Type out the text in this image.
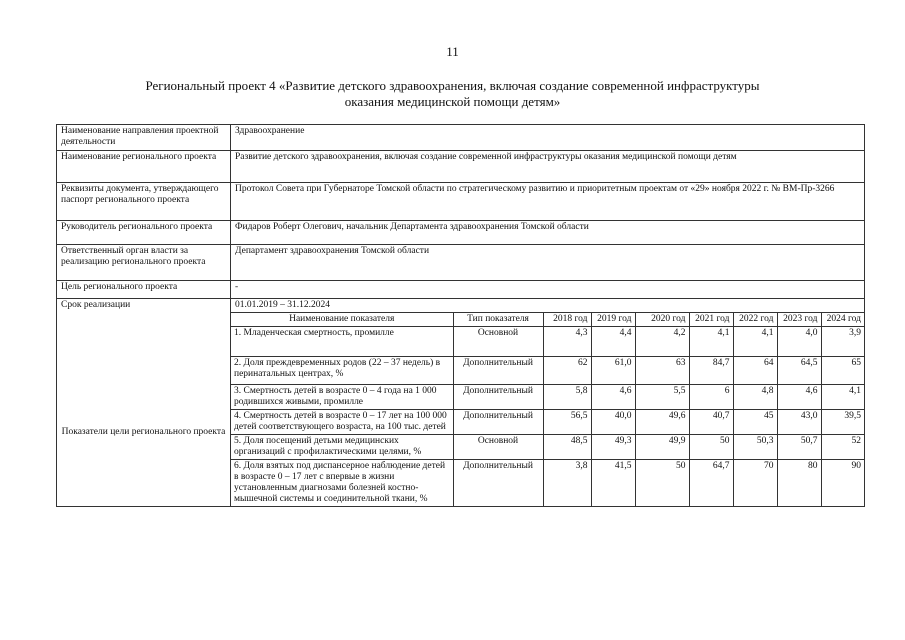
11
Региональный проект 4 «Развитие детского здравоохранения, включая создание современной инфраструктуры
оказания медицинской помощи детям»
Наименование направления проектной деятельности	Здравоохранение
Наименование регионального проекта	Развитие детского здравоохранения, включая создание современной инфраструктуры оказания медицинской помощи детям
Реквизиты документа, утверждающего паспорт регионального проекта	Протокол Совета при Губернаторе Томской области по стратегическому развитию и приоритетным проектам от «29» ноября 2022 г. № ВМ-Пр-3266
Руководитель регионального проекта	Фидаров Роберт Олегович, начальник Департамента здравоохранения Томской области
Ответственный орган власти за реализацию регионального проекта	Департамент здравоохранения Томской области
Цель регионального проекта	-

Срок реализации
Показатели цели регионального проекта
	01.01.2019 – 31.12.2024

Наименование показателя	Тип показателя	2018 год	2019 год	2020 год	2021 год	2022 год	2023 год	2024 год
1. Младенческая смертность, промилле	Основной	4,3	4,4	4,2	4,1	4,1	4,0	3,9
2. Доля преждевременных родов (22 – 37 недель) в перинатальных центрах, %	Дополнительный	62	61,0	63	84,7	64	64,5	65
3. Смертность детей в возрасте 0 – 4 года на 1 000 родившихся живыми, промилле	Дополнительный	5,8	4,6	5,5	6	4,8	4,6	4,1
4. Смертность детей в возрасте 0 – 17 лет на 100 000 детей соответствующего возраста, на 100 тыс. детей	Дополнительный	56,5	40,0	49,6	40,7	45	43,0	39,5
5. Доля посещений детьми медицинских организаций с профилактическими целями, %	Основной	48,5	49,3	49,9	50	50,3	50,7	52
6. Доля взятых под диспансерное наблюдение детей в возрасте 0 – 17 лет с впервые в жизни установленным диагнозами болезней костно-мышечной системы и соединительной ткани, %	Дополнительный	3,8	41,5	50	64,7	70	80	90
